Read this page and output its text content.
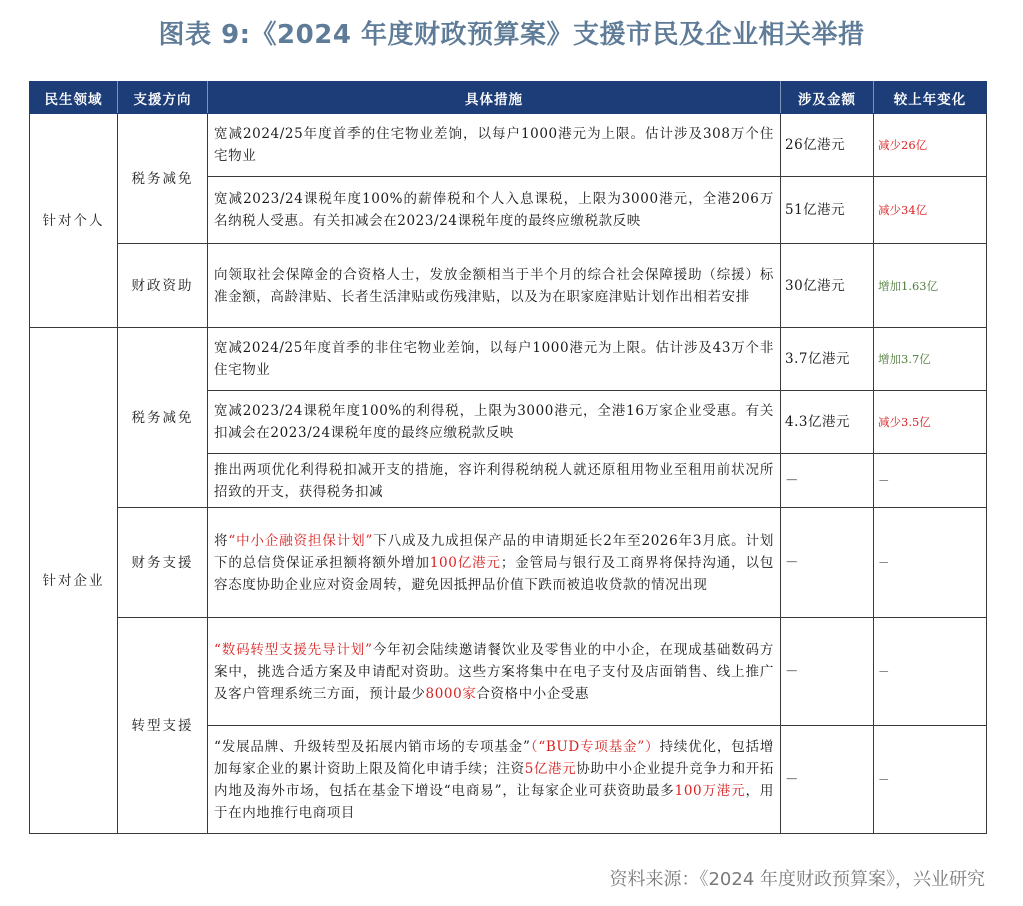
图表 9:《2024 年度财政预算案》支援市民及企业相关举措
民生领域	支援方向	具体措施	涉及金额	较上年变化
针对个人	税务减免	宽减2024/25年度首季的住宅物业差饷，以每户1000港元为上限。估计涉及308万个住宅物业	26亿港元	减少26亿
		宽减2023/24课税年度100%的薪俸税和个人入息课税，上限为3000港元，全港206万名纳税人受惠。有关扣减会在2023/24课税年度的最终应缴税款反映	51亿港元	减少34亿
	财政资助	向领取社会保障金的合资格人士，发放金额相当于半个月的综合社会保障援助（综援）标准金额，高龄津贴、长者生活津贴或伤残津贴，以及为在职家庭津贴计划作出相若安排	30亿港元	增加1.63亿
针对企业	税务减免	宽减2024/25年度首季的非住宅物业差饷，以每户1000港元为上限。估计涉及43万个非住宅物业	3.7亿港元	增加3.7亿
		宽减2023/24课税年度100%的利得税，上限为3000港元，全港16万家企业受惠。有关扣减会在2023/24课税年度的最终应缴税款反映	4.3亿港元	减少3.5亿
		推出两项优化利得税扣减开支的措施，容许利得税纳税人就还原租用物业至租用前状况所招致的开支，获得税务扣减	－	－
	财务支援	将“中小企融资担保计划”下八成及九成担保产品的申请期延长2年至2026年3月底。计划下的总信贷保证承担额将额外增加100亿港元；金管局与银行及工商界将保持沟通，以包容态度协助企业应对资金周转，避免因抵押品价值下跌而被追收贷款的情况出现	－	－
	转型支援	“数码转型支援先导计划”今年初会陆续邀请餐饮业及零售业的中小企，在现成基础数码方案中，挑选合适方案及申请配对资助。这些方案将集中在电子支付及店面销售、线上推广及客户管理系统三方面，预计最少8000家合资格中小企受惠	－	－
		“发展品牌、升级转型及拓展内销市场的专项基金”（“BUD专项基金”）持续优化，包括增加每家企业的累计资助上限及简化申请手续；注资5亿港元协助中小企业提升竞争力和开拓内地及海外市场，包括在基金下增设“电商易”，让每家企业可获资助最多100万港元，用于在内地推行电商项目	－	－
资料来源：《2024 年度财政预算案》，兴业研究
